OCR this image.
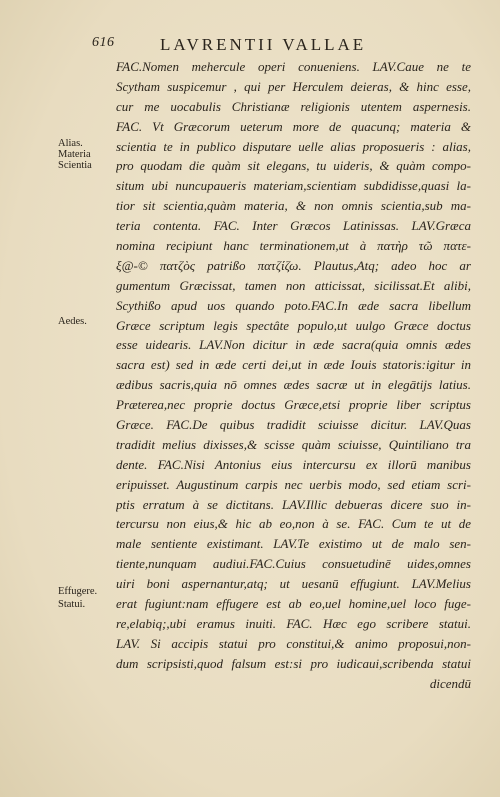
616	LAVRENTII VALLAE
Alias.
Materia
Scientia
Aedes.
Effugere.
Statui.
FAC.Nomen mehercule operi conueniens. LAV.Caue ne te
Scytham suspicemur , qui per Herculem deieras, & hinc esse,
cur me uocabulis Christianæ religionis utentem aspernesis.
FAC. Vt Græcorum ueterum more de quacunq; materia &
scientia te in publico disputare uelle alias proposueris : alias,
pro quodam die quàm sit elegans, tu uideris, & quàm compo-
situm ubi nuncupaueris materiam,scientiam subdidisse,quasi la-
tior sit scientia,quàm materia, & non omnis scientia,sub ma-
teria contenta. FAC. Inter Græcos Latinissas. LAV.Græca
nomina recipiunt hanc terminationem,ut à πατὴρ τῶ πατε-
ξ@-© πατζὸς patrißo πατζίζω. Plautus,Atq; adeo hoc ar
gumentum Græcissat, tamen non atticissat, sicilissat.Et alibi,
Scythißo apud uos quando poto.FAC.In æde sacra libellum
Græce scriptum legis spectâte populo,ut uulgo Græce doctus
esse uidearis. LAV.Non dicitur in æde sacra(quia omnis ædes
sacra est) sed in æde certi dei,ut in æde Iouis statoris:igitur in
ædibus sacris,quia nō omnes ædes sacræ ut in elegātijs latius.
Præterea,nec proprie doctus Græce,etsi proprie liber scriptus
Græce. FAC.De quibus tradidit sciuisse dicitur. LAV.Quas
tradidit melius dixisses,& scisse quàm sciuisse, Quintiliano tra
dente. FAC.Nisi Antonius eius intercursu ex illorū manibus
eripuisset. Augustinum carpis nec uerbis modo, sed etiam scri-
ptis erratum à se dictitans. LAV.Illic debueras dicere suo in-
tercursu non eius,& hic ab eo,non à se. FAC. Cum te ut de
male sentiente existimant. LAV.Te existimo ut de malo sen-
tiente,nunquam audiui.FAC.Cuius consuetudinē uides,omnes
uiri boni aspernantur,atq; ut uesanū effugiunt. LAV.Melius
erat fugiunt:nam effugere est ab eo,uel homine,uel loco fuge-
re,elabiq;,ubi eramus inuiti. FAC. Hæc ego scribere statui.
LAV. Si accipis statui pro constitui,& animo proposui,non-
dum scripsisti,quod falsum est:si pro iudicaui,scribenda statui
dicendū
